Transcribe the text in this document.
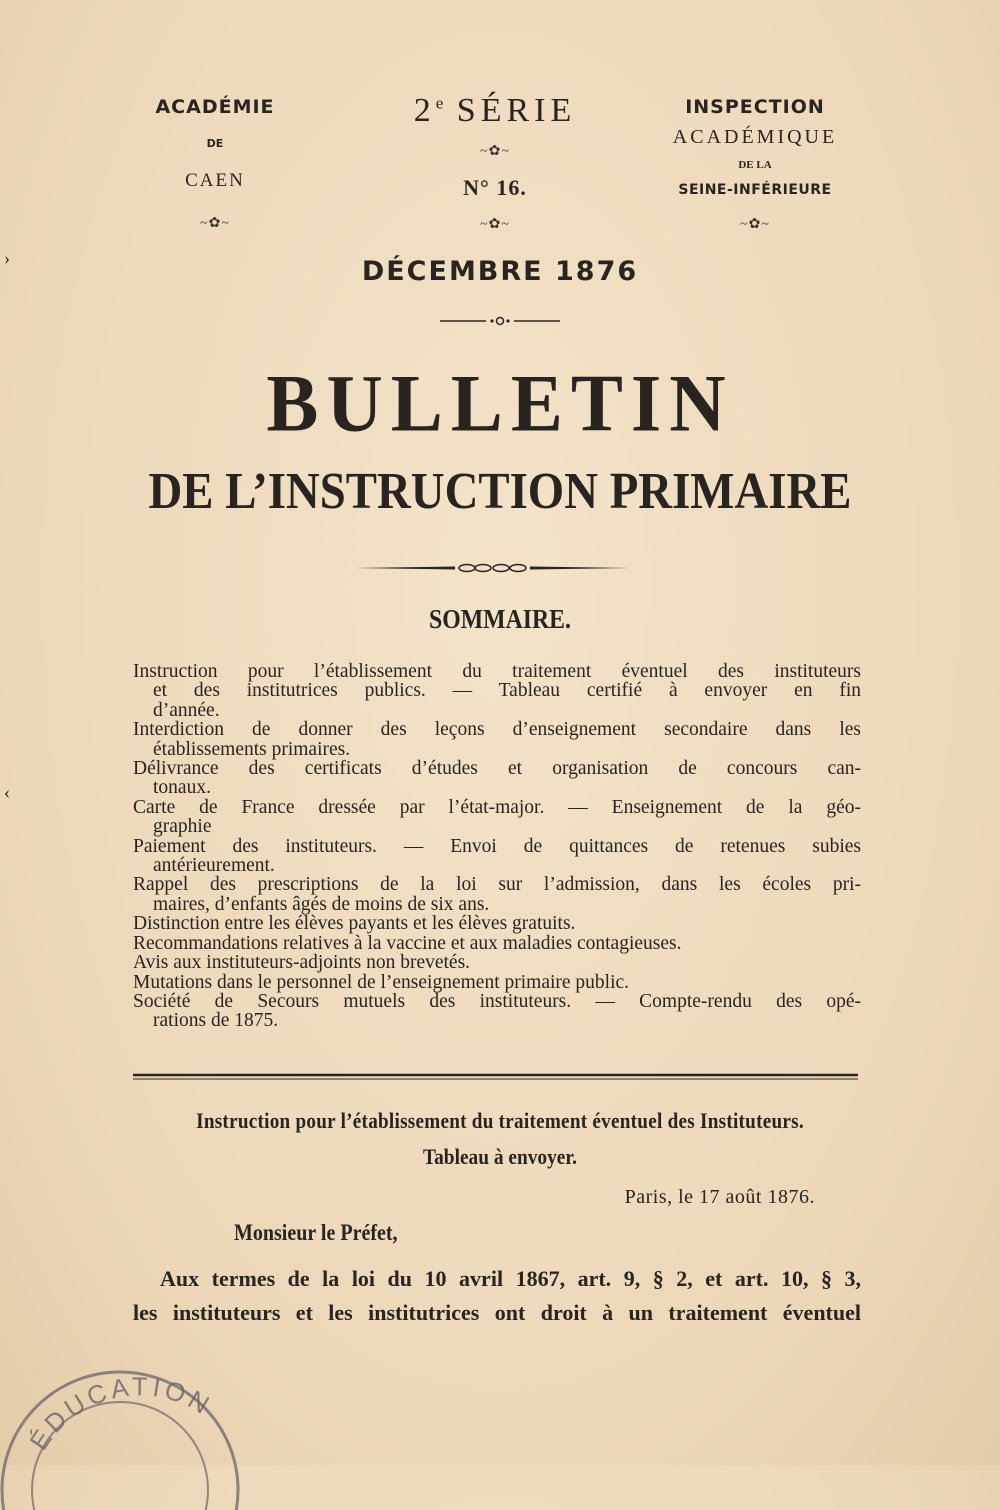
ACADÉMIE
DE
CAEN
~✿~
2e SÉRIE
~✿~
N° 16.
~✿~
INSPECTION
ACADÉMIQUE
DE LA
SEINE-INFÉRIEURE
~✿~
DÉCEMBRE 1876
BULLETIN
DE L’INSTRUCTION PRIMAIRE
SOMMAIRE.
Instruction pour l’établissement du traitement éventuel des instituteurs
et des institutrices publics. — Tableau certifié à envoyer en fin
d’année.
Interdiction de donner des leçons d’enseignement secondaire dans les
établissements primaires.
Délivrance des certificats d’études et organisation de concours can-
tonaux.
Carte de France dressée par l’état-major. — Enseignement de la géo-
graphie
Paiement des instituteurs. — Envoi de quittances de retenues subies
antérieurement.
Rappel des prescriptions de la loi sur l’admission, dans les écoles pri-
maires, d’enfants âgés de moins de six ans.
Distinction entre les élèves payants et les élèves gratuits.
Recommandations relatives à la vaccine et aux maladies contagieuses.
Avis aux instituteurs-adjoints non brevetés.
Mutations dans le personnel de l’enseignement primaire public.
Société de Secours mutuels des instituteurs. — Compte-rendu des opé-
rations de 1875.
Instruction pour l’établissement du traitement éventuel des Instituteurs.
Tableau à envoyer.
Paris, le 17 août 1876.
Monsieur le Préfet,
Aux termes de la loi du 10 avril 1867, art. 9, § 2, et art. 10, § 3,
les instituteurs et les institutrices ont droit à un traitement éventuel
›
‹
ÉDUCATION
